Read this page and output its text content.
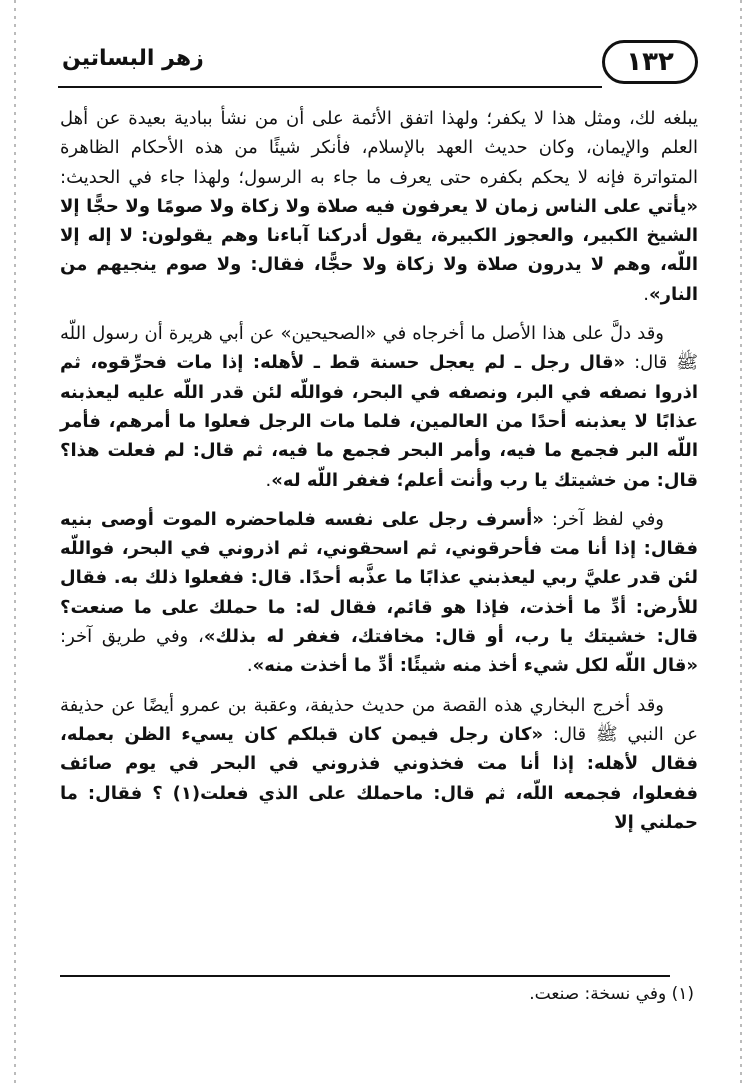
١٣٢
زهر البساتين

يبلغه لك، ومثل هذا لا يكفر؛ ولهذا اتفق الأئمة على أن من نشأ ببادية بعيدة عن أهل العلم والإيمان، وكان حديث العهد بالإسلام، فأنكر شيئًا من هذه الأحكام الظاهرة المتواترة فإنه لا يحكم بكفره حتى يعرف ما جاء به الرسول؛ ولهذا جاء في الحديث: «يأتي على الناس زمان لا يعرفون فيه صلاة ولا زكاة ولا صومًا ولا حجًّا إلا الشيخ الكبير، والعجوز الكبيرة، يقول أدركنا آباءنا وهم يقولون: لا إله إلا اللّه، وهم لا يدرون صلاة ولا زكاة ولا حجًّا، فقال: ولا صوم ينجيهم من النار».

وقد دلَّ على هذا الأصل ما أخرجاه في «الصحيحين» عن أبي هريرة أن رسول اللّه ﷺ قال: «قال رجل ـ لم يعجل حسنة قط ـ لأهله: إذا مات فحرِّقوه، ثم اذروا نصفه في البر، ونصفه في البحر، فواللّه لئن قدر اللّه عليه ليعذبنه عذابًا لا يعذبنه أحدًا من العالمين، فلما مات الرجل فعلوا ما أمرهم، فأمر اللّه البر فجمع ما فيه، وأمر البحر فجمع ما فيه، ثم قال: لم فعلت هذا؟ قال: من خشيتك يا رب وأنت أعلم؛ فغفر اللّه له».

وفي لفظ آخر: «أسرف رجل على نفسه فلماحضره الموت أوصى بنيه فقال: إذا أنا مت فأحرقوني، ثم اسحقوني، ثم اذروني في البحر، فواللّه لئن قدر عليَّ ربي ليعذبني عذابًا ما عذَّبه أحدًا. قال: ففعلوا ذلك به. فقال للأرض: أدِّ ما أخذت، فإذا هو قائم، فقال له: ما حملك على ما صنعت؟ قال: خشيتك يا رب، أو قال: مخافتك، فغفر له بذلك»، وفي طريق آخر: «قال اللّه لكل شيء أخذ منه شيئًا: أدِّ ما أخذت منه».

وقد أخرج البخاري هذه القصة من حديث حذيفة، وعقبة بن عمرو أيضًا عن حذيفة عن النبي ﷺ قال: «كان رجل فيمن كان قبلكم كان يسيء الظن بعمله، فقال لأهله: إذا أنا مت فخذوني فذروني في البحر في يوم صائف ففعلوا، فجمعه اللّه، ثم قال: ماحملك على الذي فعلت(١) ؟ فقال: ما حملني إلا

(١) وفي نسخة: صنعت.
